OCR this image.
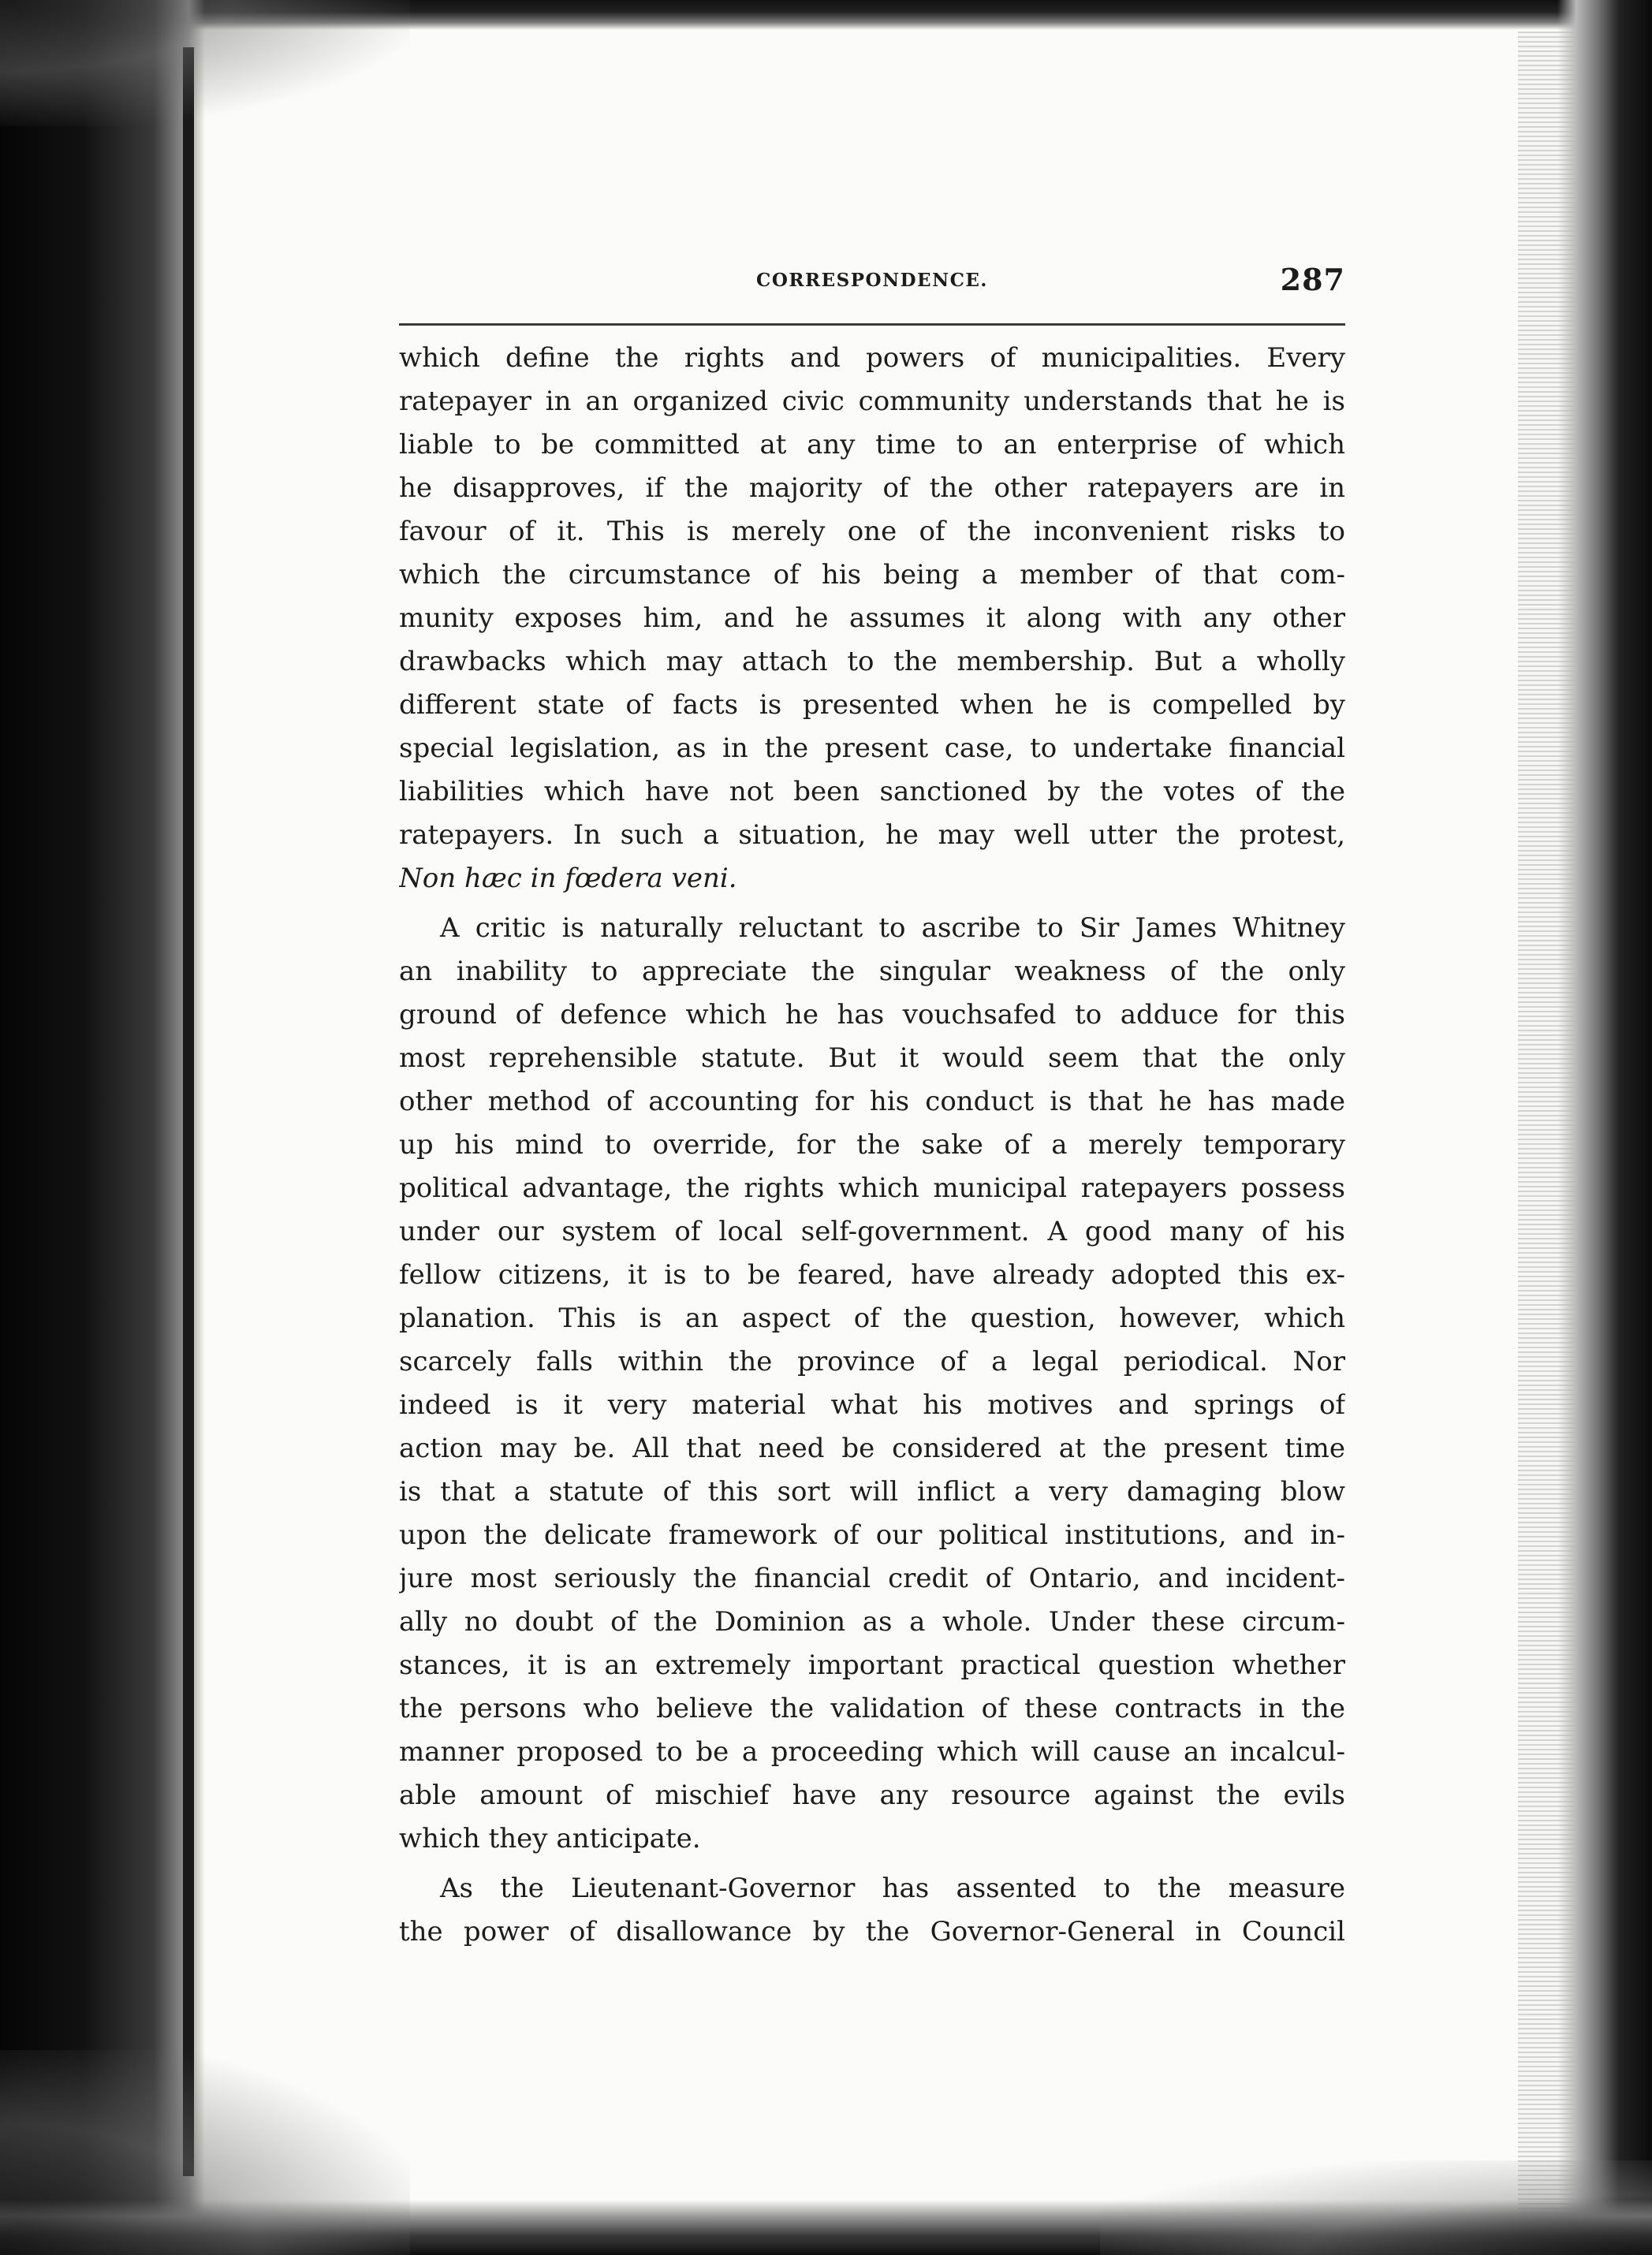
CORRESPONDENCE.	287
which define the rights and powers of municipalities. Every
ratepayer in an organized civic community understands that he is
liable to be committed at any time to an enterprise of which
he disapproves, if the majority of the other ratepayers are in
favour of it. This is merely one of the inconvenient risks to
which the circumstance of his being a member of that com-
munity exposes him, and he assumes it along with any other
drawbacks which may attach to the membership. But a wholly
different state of facts is presented when he is compelled by
special legislation, as in the present case, to undertake financial
liabilities which have not been sanctioned by the votes of the
ratepayers. In such a situation, he may well utter the protest,
Non hæc in fœdera veni.
A critic is naturally reluctant to ascribe to Sir James Whitney
an inability to appreciate the singular weakness of the only
ground of defence which he has vouchsafed to adduce for this
most reprehensible statute. But it would seem that the only
other method of accounting for his conduct is that he has made
up his mind to override, for the sake of a merely temporary
political advantage, the rights which municipal ratepayers possess
under our system of local self-government. A good many of his
fellow citizens, it is to be feared, have already adopted this ex-
planation. This is an aspect of the question, however, which
scarcely falls within the province of a legal periodical. Nor
indeed is it very material what his motives and springs of
action may be. All that need be considered at the present time
is that a statute of this sort will inflict a very damaging blow
upon the delicate framework of our political institutions, and in-
jure most seriously the financial credit of Ontario, and incident-
ally no doubt of the Dominion as a whole. Under these circum-
stances, it is an extremely important practical question whether
the persons who believe the validation of these contracts in the
manner proposed to be a proceeding which will cause an incalcul-
able amount of mischief have any resource against the evils
which they anticipate.
As the Lieutenant-Governor has assented to the measure
the power of disallowance by the Governor-General in Council
